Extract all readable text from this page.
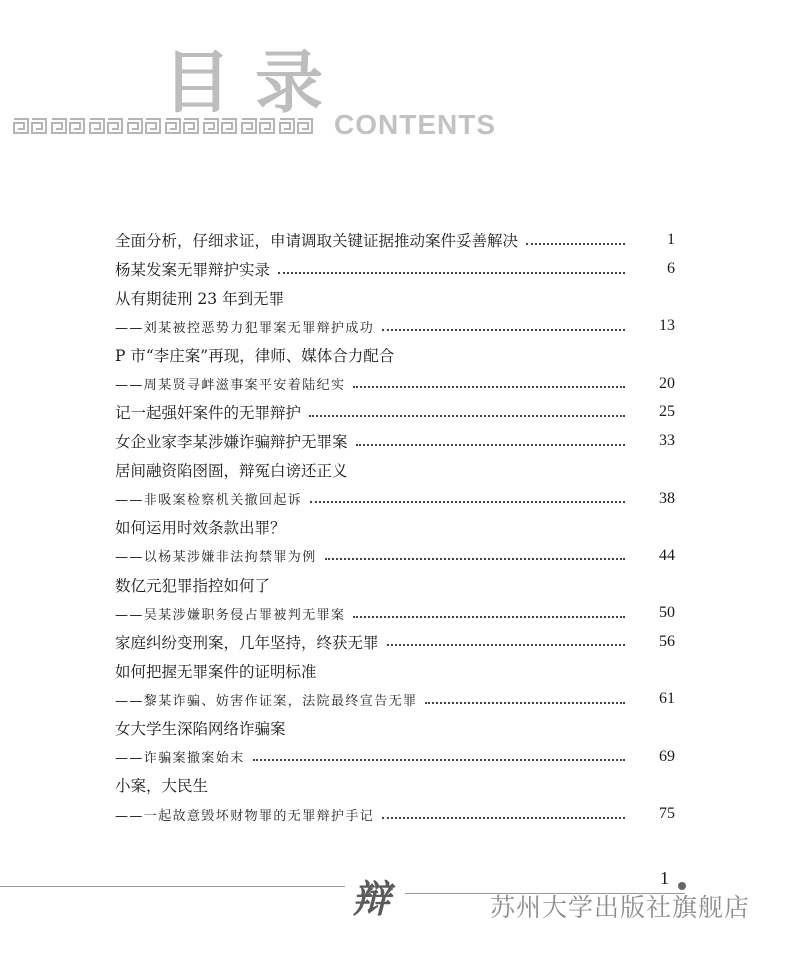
目录
CONTENTS
全面分析，仔细求证，申请调取关键证据推动案件妥善解决	1
杨某发案无罪辩护实录	6
从有期徒刑 23 年到无罪
——刘某被控恶势力犯罪案无罪辩护成功	13
P 市“李庄案”再现，律师、媒体合力配合
——周某贤寻衅滋事案平安着陆纪实	20
记一起强奸案件的无罪辩护	25
女企业家李某涉嫌诈骗辩护无罪案	33
居间融资陷囹圄，辩冤白谤还正义
——非吸案检察机关撤回起诉	38
如何运用时效条款出罪？
——以杨某涉嫌非法拘禁罪为例	44
数亿元犯罪指控如何了
——吴某涉嫌职务侵占罪被判无罪案	50
家庭纠纷变刑案，几年坚持，终获无罪	56
如何把握无罪案件的证明标准
——黎某诈骗、妨害作证案，法院最终宣告无罪	61
女大学生深陷网络诈骗案
——诈骗案撤案始末	69
小案，大民生
——一起故意毁坏财物罪的无罪辩护手记	75
辩	1
苏州大学出版社旗舰店
